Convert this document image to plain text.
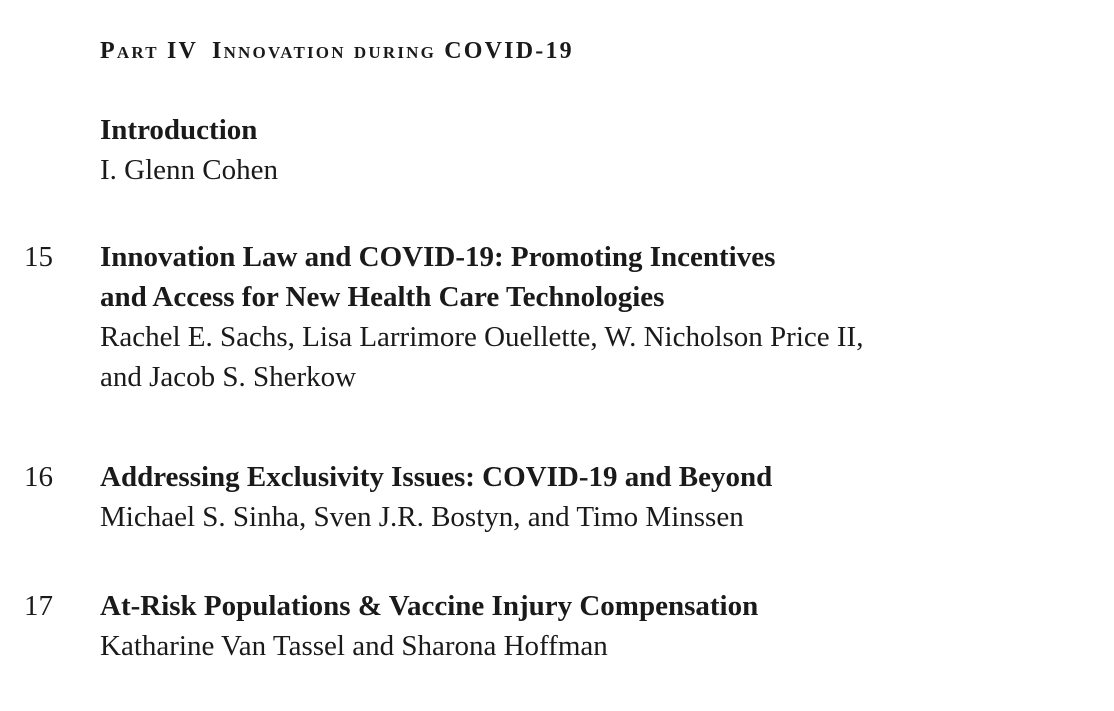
Part IV Innovation during COVID-19
Introduction
I. Glenn Cohen
15 Innovation Law and COVID-19: Promoting Incentives
and Access for New Health Care Technologies
Rachel E. Sachs, Lisa Larrimore Ouellette, W. Nicholson Price II,
and Jacob S. Sherkow
16 Addressing Exclusivity Issues: COVID-19 and Beyond
Michael S. Sinha, Sven J.R. Bostyn, and Timo Minssen
17 At-Risk Populations & Vaccine Injury Compensation
Katharine Van Tassel and Sharona Hoffman
